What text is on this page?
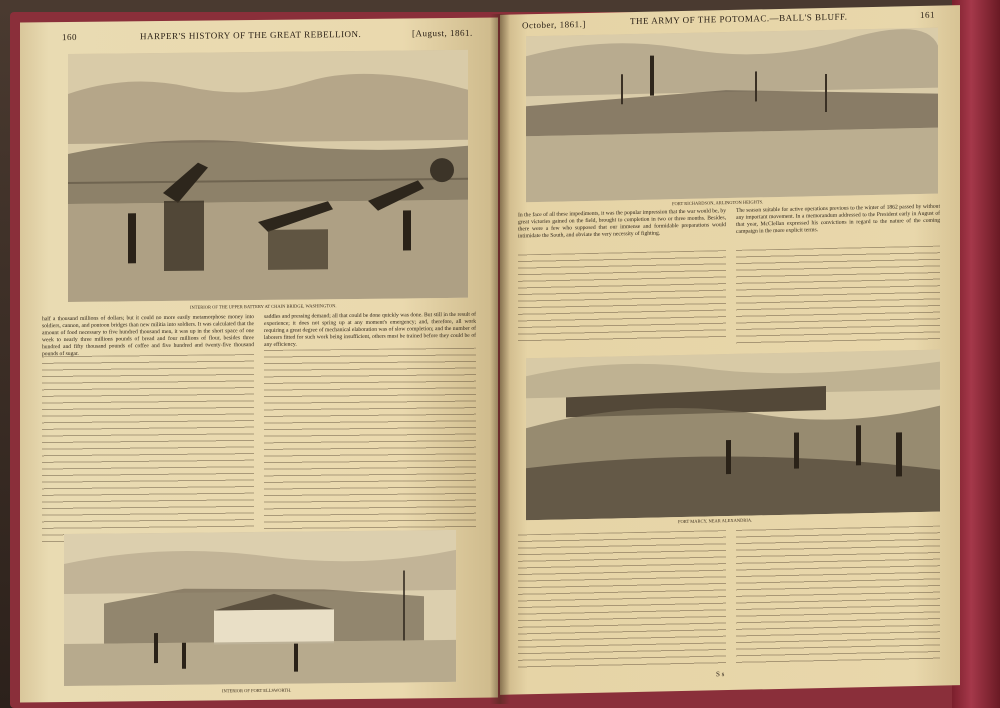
160	HARPER'S HISTORY OF THE GREAT REBELLION.	[August, 1861.
INTERIOR OF THE UPPER BATTERY AT CHAIN BRIDGE, WASHINGTON.
half a thousand millions of dollars; but it could no more easily metamorphose money into soldiers, cannon, and pontoon bridges than new militia into soldiers. It was calculated that the amount of food necessary to five hundred thousand men, it was up in the short space of one week to nearly three millions pounds of bread and four millions of flour, besides three hundred and fifty thousand pounds of coffee and five hundred and twenty-five thousand pounds of sugar.
saddles and pressing demand; all that could be done quickly was done. But still in the result of experience; it does not spring up at any moment's emergency; and, therefore, all work requiring a great degree of mechanical elaboration was of slow completion; and the number of laborers fitted for such work being insufficient, others must be trained before they could be of any efficiency.
INTERIOR OF FORT ELLSWORTH.
October, 1861.]	THE ARMY OF THE POTOMAC.—BALL'S BLUFF.	161
FORT RICHARDSON, ARLINGTON HEIGHTS.
In the face of all these impediments, it was the popular impression that the war would be, by great victories gained on the field, brought to completion in two or three months. Besides, there were a few who supposed that our immense and formidable preparations would intimidate the South, and obviate the very necessity of fighting.
The season suitable for active operations previous to the winter of 1862 passed by without any important movement. In a memorandum addressed to the President early in August of that year, McClellan expressed his convictions in regard to the nature of the coming campaign in the more explicit terms.
FORT MARCY, NEAR ALEXANDRIA.
S s
